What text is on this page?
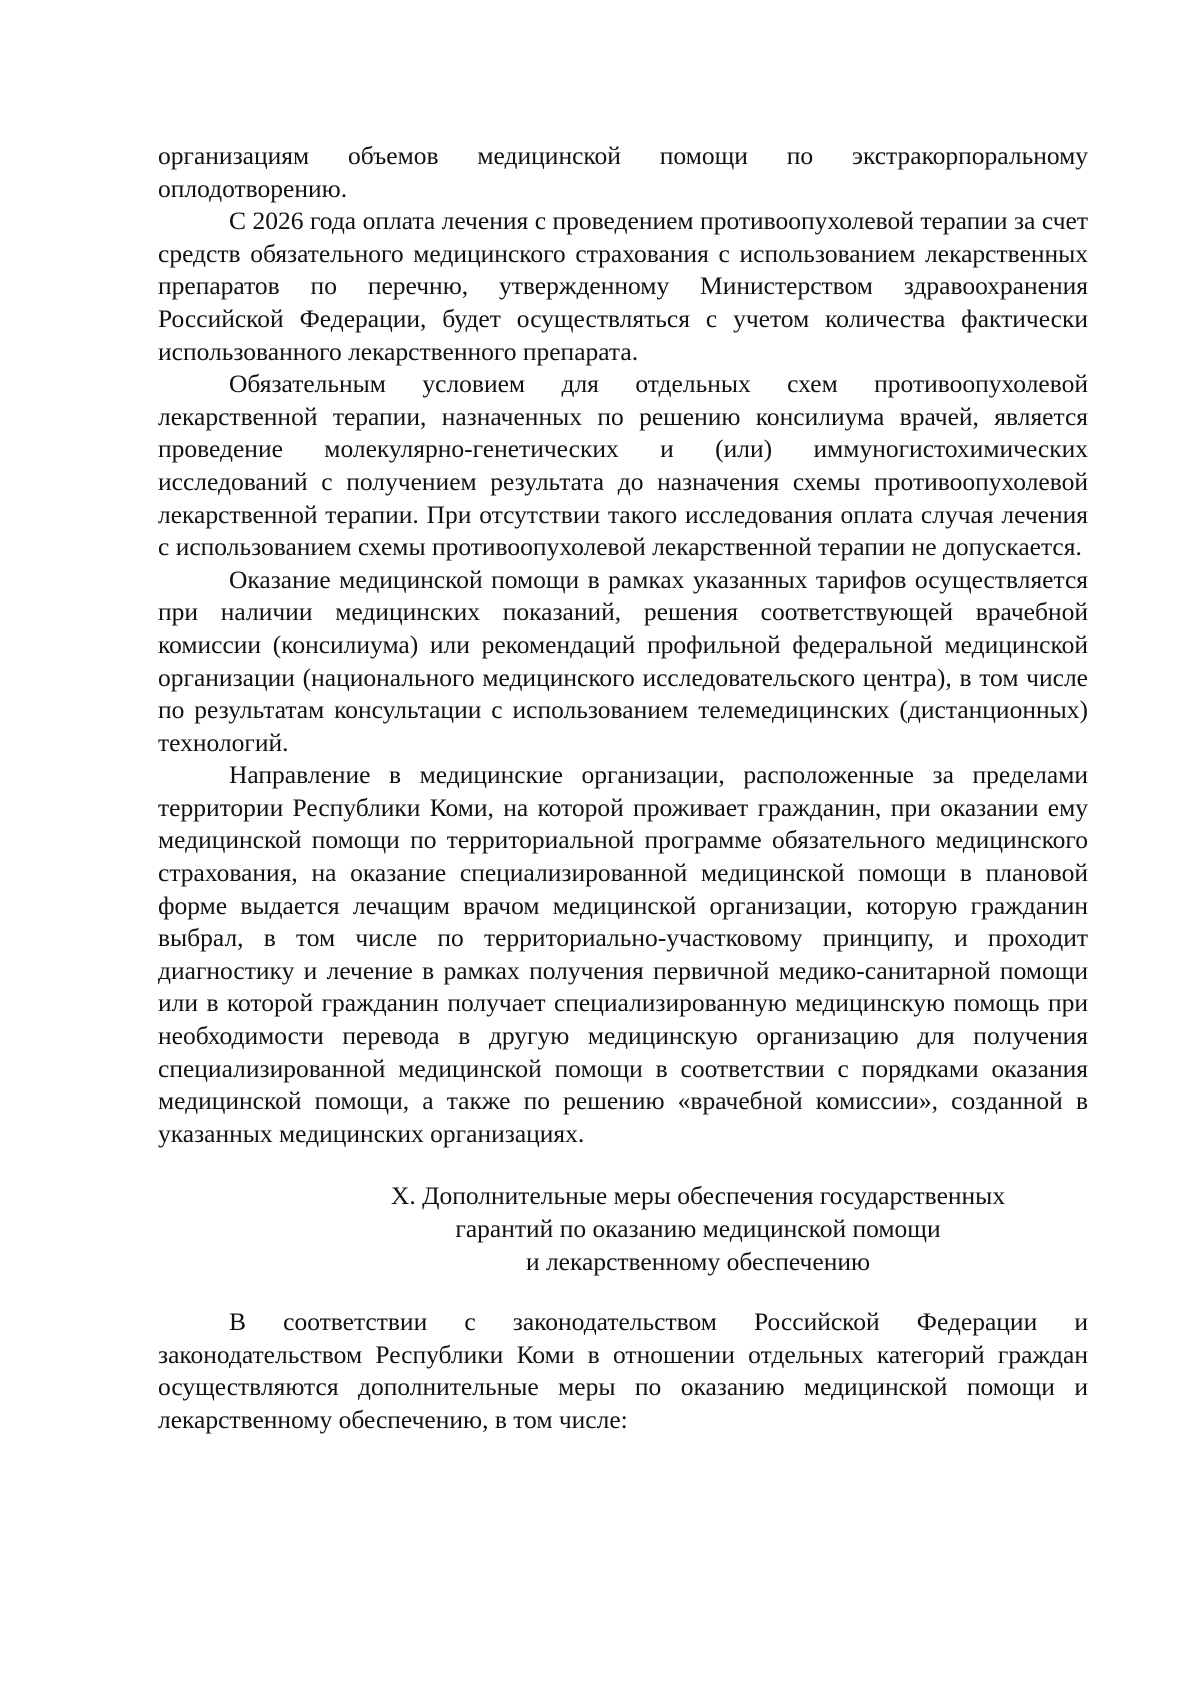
организациям объемов медицинской помощи по экстракорпоральному оплодотворению.

С 2026 года оплата лечения с проведением противоопухолевой терапии за счет средств обязательного медицинского страхования с использованием лекарственных препаратов по перечню, утвержденному Министерством здравоохранения Российской Федерации, будет осуществляться с учетом количества фактически использованного лекарственного препарата.

Обязательным условием для отдельных схем противоопухолевой лекарственной терапии, назначенных по решению консилиума врачей, является проведение молекулярно-генетических и (или) иммуногистохимических исследований с получением результата до назначения схемы противоопухолевой лекарственной терапии. При отсутствии такого исследования оплата случая лечения с использованием схемы противоопухолевой лекарственной терапии не допускается.

Оказание медицинской помощи в рамках указанных тарифов осуществляется при наличии медицинских показаний, решения соответствующей врачебной комиссии (консилиума) или рекомендаций профильной федеральной медицинской организации (национального медицинского исследовательского центра), в том числе по результатам консультации с использованием телемедицинских (дистанционных) технологий.

Направление в медицинские организации, расположенные за пределами территории Республики Коми, на которой проживает гражданин, при оказании ему медицинской помощи по территориальной программе обязательного медицинского страхования, на оказание специализированной медицинской помощи в плановой форме выдается лечащим врачом медицинской организации, которую гражданин выбрал, в том числе по территориально-участковому принципу, и проходит диагностику и лечение в рамках получения первичной медико-санитарной помощи или в которой гражданин получает специализированную медицинскую помощь при необходимости перевода в другую медицинскую организацию для получения специализированной медицинской помощи в соответствии с порядками оказания медицинской помощи, а также по решению «врачебной комиссии», созданной в указанных медицинских организациях.

X. Дополнительные меры обеспечения государственных
гарантий по оказанию медицинской помощи
и лекарственному обеспечению

В соответствии с законодательством Российской Федерации и законодательством Республики Коми в отношении отдельных категорий граждан осуществляются дополнительные меры по оказанию медицинской помощи и лекарственному обеспечению, в том числе:
